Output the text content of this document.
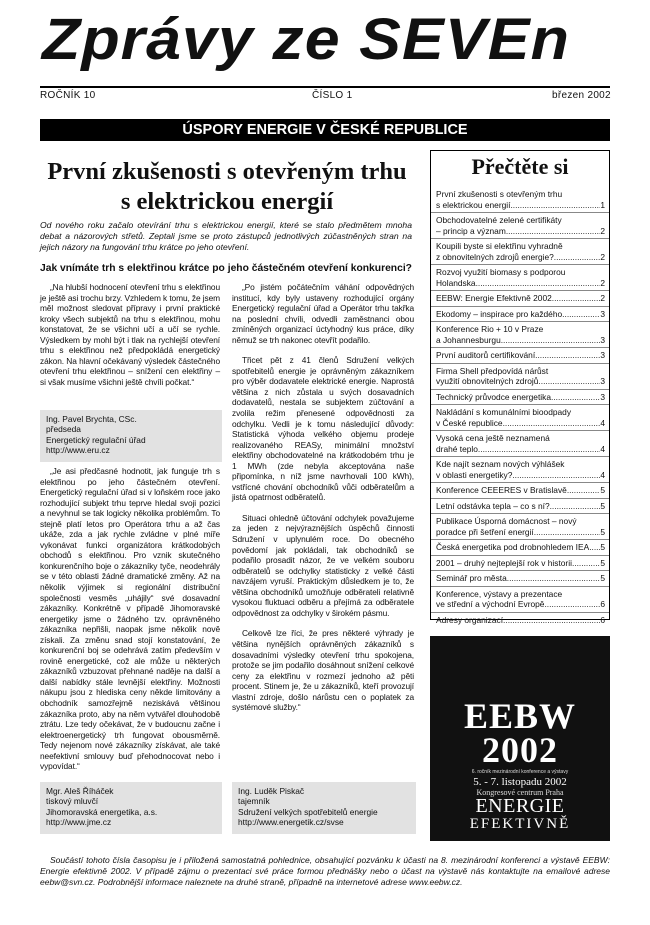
Zprávy ze SEVEn
ROČNÍK 10	ČÍSLO 1	březen 2002
ÚSPORY ENERGIE V ČESKÉ REPUBLICE
První zkušenosti s otevřeným trhu
s elektrickou energií
Od nového roku začalo otevírání trhu s elektrickou energií, které se stalo předmětem mnoha debat a názorových střetů. Zeptali jsme se proto zástupců jednotlivých zúčastněných stran na jejich názory na fungování trhu krátce po jeho otevření.
Jak vnímáte trh s elektřinou krátce po jeho částečném otevření konkurenci?

„Na hlubší hodnocení otevření trhu s elektřinou je ještě asi trochu brzy. Vzhledem k tomu, že jsem měl možnost sledovat přípravy i první praktické kroky všech subjektů na trhu s elektřinou, mohu konstatovat, že se všichni učí a učí se rychle. Výsledkem by mohl být i tlak na rychlejší otevření trhu s elektřinou než předpokládá energetický zákon. Na hlavní očekávaný výsledek částečného otevření trhu elektřinou – snížení cen elektřiny – si však musíme všichni ještě chvíli počkat.“

Ing. Pavel Brychta, CSc.
předseda
Energetický regulační úřad
http://www.eru.cz

„Je asi předčasné hodnotit, jak funguje trh s elektřinou po jeho částečném otevření. Energetický regulační úřad si v loňském roce jako rozhodující subjekt trhu teprve hledal svoji pozici a nevyhnul se tak logicky několika problémům. To stejně platí letos pro Operátora trhu a až čas ukáže, zda a jak rychle zvládne v plné míře vykonávat funkci organizátora krátkodobých obchodů s elektřinou. Pro vznik skutečného konkurenčního boje o zákazníky tyče, neodehrály se v této oblasti žádné dramatické změny. Až na několik výjimek si regionální distribuční společnosti vesměs „uhájily“ své dosavadní zákazníky. Konkrétně v případě Jihomoravské energetiky jsme o žádného tzv. oprávněného zákazníka nepřišli, naopak jsme několik nově získali. Za změnu snad stojí konstatování, že konkurenční boj se odehrává zatím především v rovině energetické, což ale může u některých zákazníků vzbuzovat přehnané naděje na další a další nabídky stále levnější elektřiny. Možnosti nákupu jsou z hlediska ceny někde limitovány a obchodník samozřejmě neziskává většinou zákazníka proto, aby na něm vytvářel dlouhodobě ztrátu. Lze tedy očekávat, že v budoucnu začne i elektroenergetický trh fungovat obousměrně. Tedy nejenom nové zákazníky získávat, ale také neefektivní smlouvy buď přehodnocovat nebo i vypovídat.“

Mgr. Aleš Říháček
tiskový mluvčí
Jihomoravská energetika, a.s.
http://www.jme.cz

„Po jistém počátečním váhání odpovědných institucí, kdy byly ustaveny rozhodující orgány Energetický regulační úřad a Operátor trhu takřka na poslední chvíli, odvedli zaměstnanci obou zmíněných organizací úctyhodný kus práce, díky němuž se trh nakonec otevřít podařilo.

Třicet pět z 41 členů Sdružení velkých spotřebitelů energie je oprávněným zákazníkem pro výběr dodavatele elektrické energie. Naprostá většina z nich zůstala u svých dosavadních dodavatelů, nestala se subjektem zúčtování a zvolila režim přenesené odpovědnosti za odchylku. Vedli je k tomu následující důvody: Statistická výhoda velkého objemu prodeje realizovaného REASy, minimální množství elektřiny obchodovatelné na krátkodobém trhu je 1 MWh (zde nebyla akceptována naše připomínka, n níž jsme navrhovali 100 kWh), vstřícné chování obchodníků vůči odběratelům a jistá opatrnost odběratelů.

Situaci ohledně účtování odchylek považujeme za jeden z nejvýraznějších úspěchů činnosti Sdružení v uplynulém roce. Do obecného povědomí jak pokládali, tak obchodníků se podařilo prosadit názor, že ve velkém souboru odběratelů se odchylky statisticky z velké části navzájem vyruší. Praktickým důsledkem je to, že většina obchodníků umožňuje odběrateli relativně vysokou fluktuaci odběru a přejímá za odběratele odpovědnost za odchylky v širokém pásmu.

Celkově lze říci, že pres některé výhrady je většina nynějších oprávněných zákazníků s dosavadními výsledky otevření trhu spokojena, protože se jim podařilo dosáhnout snížení celkové ceny za elektřinu v rozmezí jednoho až pěti procent. Stinem je, že u zákazníků, kteří provozují vlastní zdroje, došlo nárůstu cen o poplatek za systémové služby.“

Ing. Luděk Piskač
tajemník
Sdružení velkých spotřebitelů energie
http://www.energetik.cz/svse
Přečtěte si
První zkušenosti s otevřeným trhu
s elektrickou energií .....	1
Obchodovatelné zelené certifikáty
– princip a význam .....	2
Koupili byste si elektřinu vyhradně
z obnovitelných zdrojů energie? .....	2
Rozvoj využití biomasy s podporou
Holandska .....	2
EEBW: Energie Efektivně 2002 .....	2
Ekodomy – inspirace pro každého .....	3
Konference Rio + 10 v Praze
a Johannesburgu .....	3
První auditorů certifikování .....	3
Firma Shell předpovídá nárůst
využití obnovitelných zdrojů .....	3
Technický průvodce energetika .....	3
Nakládání s komunálními bioodpady
v České republice .....	4
Vysoká cena ještě neznamená
drahé teplo .....	4
Kde najít seznam nových výhlášek
v oblasti energetiky? .....	4
Konference CEEERES v Bratislavě .....	5
Letní odstávka tepla – co s ní? .....	5
Publikace Úsporná domácnost – nový
poradce při šetření energií .....	5
Česká energetika pod drobnohledem IEA ..... 5
2001 – druhý nejteplejší rok v historii .....	5
Seminář pro města .....	5
Konference, výstavy a prezentace
ve střední a východní Evropě .....	6
Adresy organizací .....	6
EEBW
2002
6. ročník mezinárodní konference a výstavy
5. - 7. listopadu 2002
Kongresové centrum Praha
ENERGIE
EFEKTIVNĚ
Součástí tohoto čísla časopisu je i přiložená samostatná pohlednice, obsahující pozvánku k účasti na 8. mezinárodní konferenci a výstavě EEBW: Energie efektivně 2002. V případě zájmu o prezentaci své práce formou přednášky nebo o účast na výstavě nás kontaktujte na emailové adrese eebw@svn.cz. Podrobnější informace naleznete na druhé straně, případně na internetové adrese www.eebw.cz.
